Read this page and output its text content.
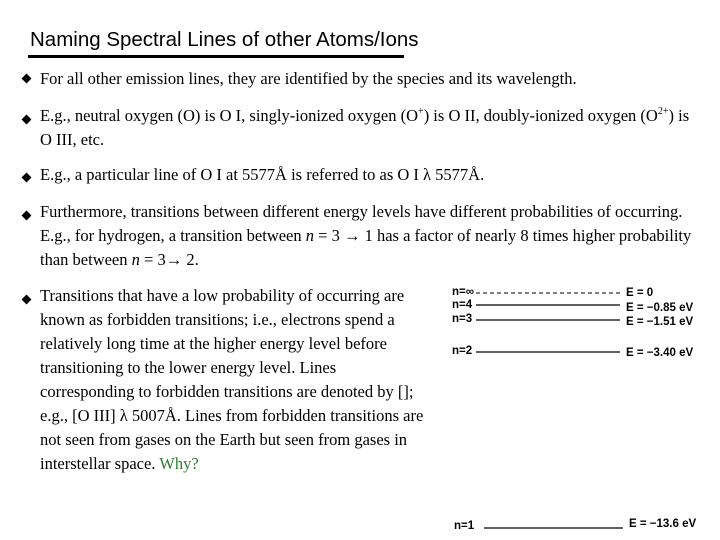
Naming Spectral Lines of other Atoms/Ions
For all other emission lines, they are identified by the species and its wavelength.
E.g., neutral oxygen (O) is O I, singly-ionized oxygen (O+) is O II, doubly-ionized oxygen $(O^{2+})$ is O III, etc.
E.g., a particular line of O I at 5577Å is referred to as O I λ 5577Å.
Furthermore, transitions between different energy levels have different probabilities of occurring. E.g., for hydrogen, a transition between n = 3 → 1 has a factor of nearly 8 times higher probability than between n = 3→ 2.
Transitions that have a low probability of occurring are known as forbidden transitions; i.e., electrons spend a relatively long time at the higher energy level before transitioning to the lower energy level. Lines corresponding to forbidden transitions are denoted by []; e.g., [O III] λ 5007Å. Lines from forbidden transitions are not seen from gases on the Earth but seen from gases in interstellar space. Why?
n=∞
n=4
n=3
n=2
n=1
E = 0
E = −0.85 eV
E = −1.51 eV
E = −3.40 eV
E = −13.6 eV
